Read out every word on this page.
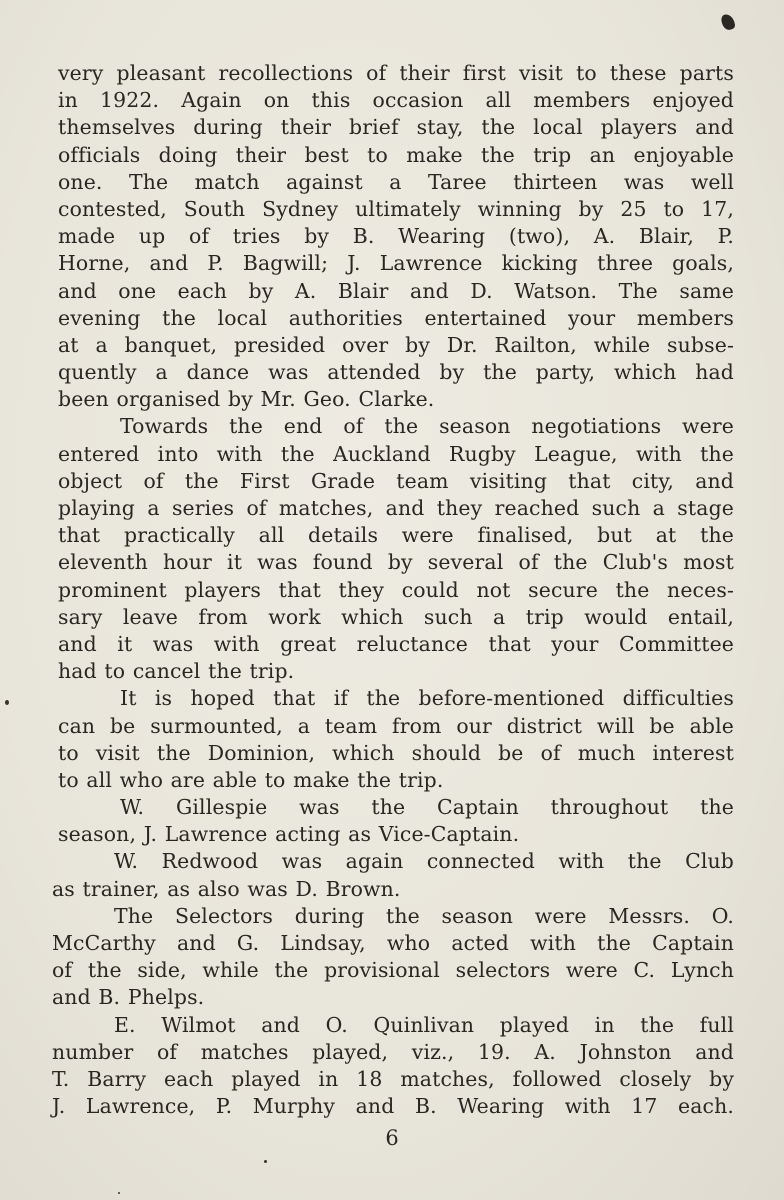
very pleasant recollections of their first visit to these parts
in 1922. Again on this occasion all members enjoyed
themselves during their brief stay, the local players and
officials doing their best to make the trip an enjoyable
one. The match against a Taree thirteen was well
contested, South Sydney ultimately winning by 25 to 17,
made up of tries by B. Wearing (two), A. Blair, P.
Horne, and P. Bagwill; J. Lawrence kicking three goals,
and one each by A. Blair and D. Watson. The same
evening the local authorities entertained your members
at a banquet, presided over by Dr. Railton, while subse-
quently a dance was attended by the party, which had
been organised by Mr. Geo. Clarke.
Towards the end of the season negotiations were
entered into with the Auckland Rugby League, with the
object of the First Grade team visiting that city, and
playing a series of matches, and they reached such a stage
that practically all details were finalised, but at the
eleventh hour it was found by several of the Club's most
prominent players that they could not secure the neces-
sary leave from work which such a trip would entail,
and it was with great reluctance that your Committee
had to cancel the trip.
It is hoped that if the before-mentioned difficulties
can be surmounted, a team from our district will be able
to visit the Dominion, which should be of much interest
to all who are able to make the trip.
W. Gillespie was the Captain throughout the
season, J. Lawrence acting as Vice-Captain.
W. Redwood was again connected with the Club
as trainer, as also was D. Brown.
The Selectors during the season were Messrs. O.
McCarthy and G. Lindsay, who acted with the Captain
of the side, while the provisional selectors were C. Lynch
and B. Phelps.
E. Wilmot and O. Quinlivan played in the full
number of matches played, viz., 19. A. Johnston and
T. Barry each played in 18 matches, followed closely by
J. Lawrence, P. Murphy and B. Wearing with 17 each.
6
